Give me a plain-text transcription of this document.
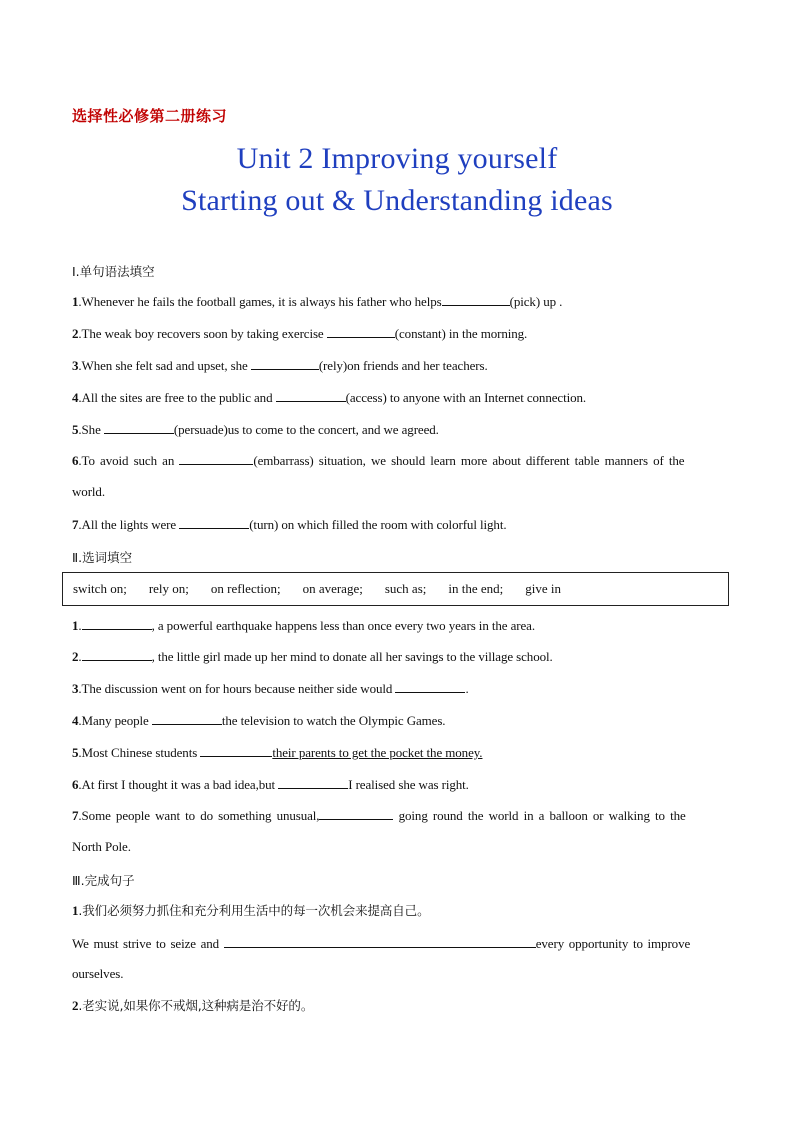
选择性必修第二册练习
Unit 2 Improving yourself
Starting out & Understanding ideas
Ⅰ.单句语法填空
1.Whenever he fails the football games, it is always his father who helps	(pick) up .
2.The weak boy recovers soon by taking exercise	(constant) in the morning.
3.When she felt sad and upset, she	(rely)on friends and her teachers.
4.All the sites are free to the public and	(access) to anyone with an Internet connection.
5.She	(persuade)us to come to the concert, and we agreed.
6.To avoid such an	(embarrass) situation, we should learn more about different table manners of the
world.
7.All the lights were	(turn) on which filled the room with colorful light.
Ⅱ.选词填空
switch on; rely on; on reflection; on average; such as; in the end; give in
1.	, a powerful earthquake happens less than once every two years in the area.
2.	, the little girl made up her mind to donate all her savings to the village school.
3.The discussion went on for hours because neither side would	.
4.Many people	the television to watch the Olympic Games.
5.Most Chinese students	their parents to get the pocket the money.
6.At first I thought it was a bad idea,but	I realised she was right.
7.Some people want to do something unusual,	going round the world in a balloon or walking to the
North Pole.
Ⅲ.完成句子
1.我们必须努力抓住和充分利用生活中的每一次机会来提高自己。
We must strive to seize and	every opportunity to improve
ourselves.
2.老实说,如果你不戒烟,这种病是治不好的。
